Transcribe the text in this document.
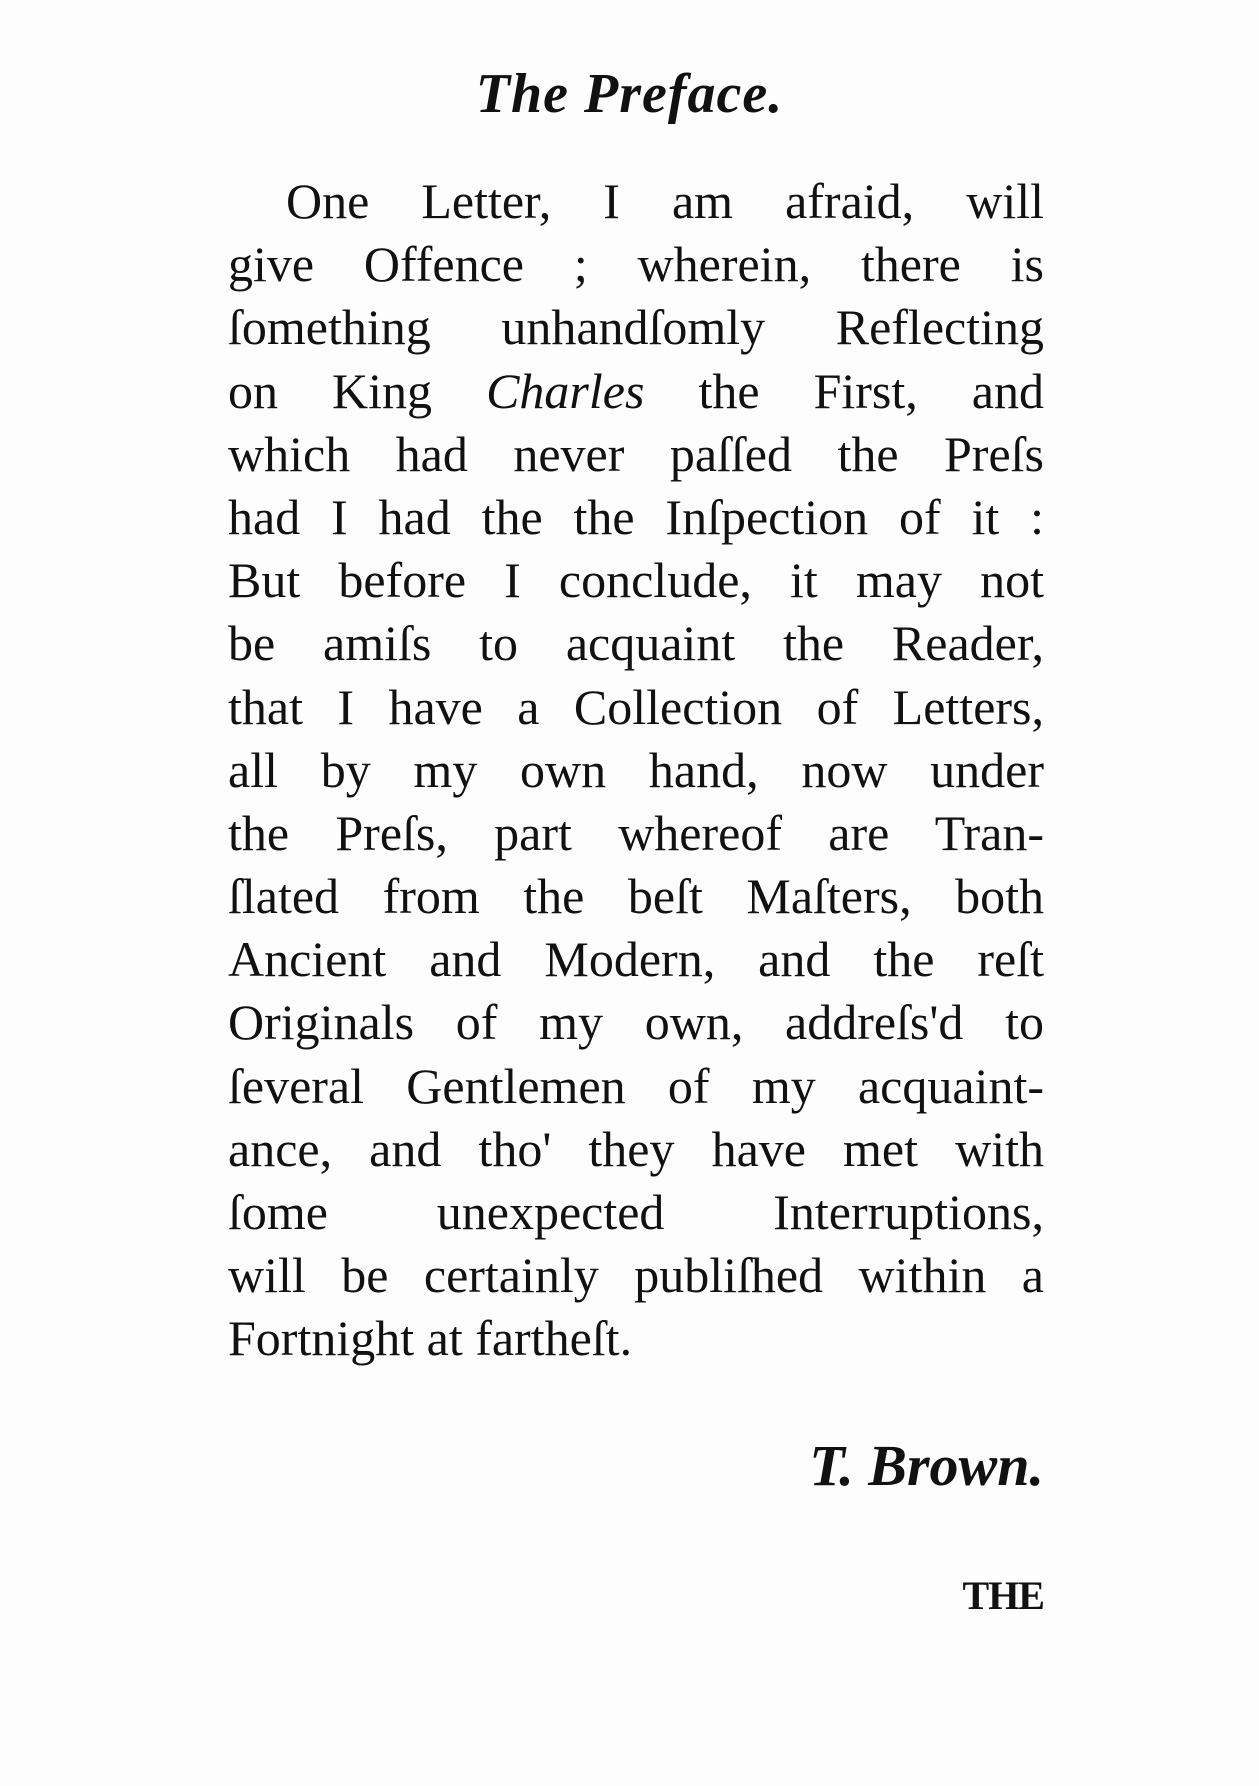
The Preface.
One Letter, I am afraid, will
give Offence ; wherein, there is
ſomething unhandſomly Reflecting
on King Charles the First, and
which had never paſſed the Preſs
had I had the the Inſpection of it :
But before I conclude, it may not
be amiſs to acquaint the Reader,
that I have a Collection of Letters,
all by my own hand, now under
the Preſs, part whereof are Tran-
ſlated from the beſt Maſters, both
Ancient and Modern, and the reſt
Originals of my own, addreſs'd to
ſeveral Gentlemen of my acquaint-
ance, and tho' they have met with
ſome unexpected Interruptions,
will be certainly publiſhed within a
Fortnight at fartheſt.
T. Brown.
THE
